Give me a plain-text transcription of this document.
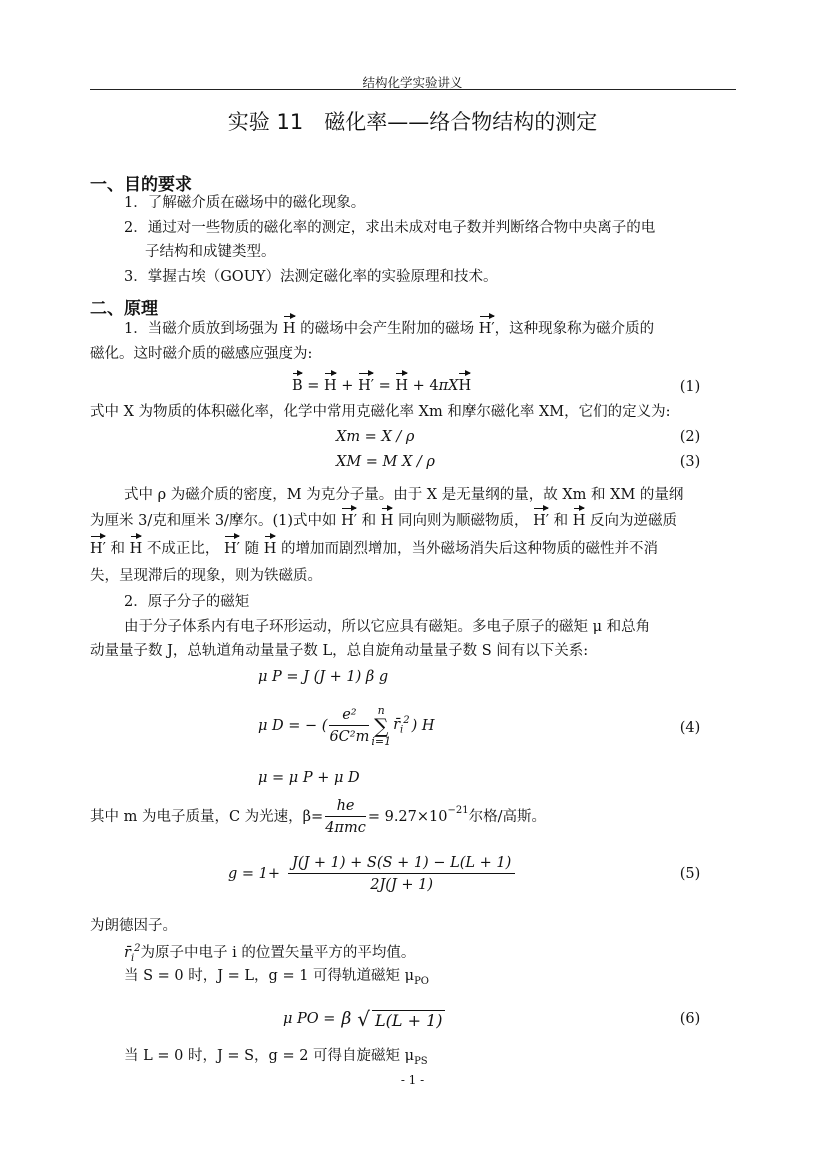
结构化学实验讲义
实验 11　磁化率——络合物结构的测定
一、目的要求
1．了解磁介质在磁场中的磁化现象。
2．通过对一些物质的磁化率的测定，求出未成对电子数并判断络合物中央离子的电
子结构和成键类型。
3．掌握古埃（GOUY）法测定磁化率的实验原理和技术。
二、原理
1．当磁介质放到场强为 H 的磁场中会产生附加的磁场 H′，这种现象称为磁介质的
磁化。这时磁介质的磁感应强度为:
B = H + H′ = H + 4πXH	(1)
式中 X 为物质的体积磁化率，化学中常用克磁化率 Xm 和摩尔磁化率 XM，它们的定义为:
Xm = X / ρ	(2)
XM = M X / ρ	(3)
式中 ρ 为磁介质的密度，M 为克分子量。由于 X 是无量纲的量，故 Xm 和 XM 的量纲
为厘米 3/克和厘米 3/摩尔。(1)式中如 H′ 和 H 同向则为顺磁物质， H′ 和 H 反向为逆磁质
H′ 和 H 不成正比， H′ 随 H 的增加而剧烈增加，当外磁场消失后这种物质的磁性并不消
失，呈现滞后的现象，则为铁磁质。
2．原子分子的磁矩
由于分子体系内有电子环形运动，所以它应具有磁矩。多电子原子的磁矩 μ 和总角
动量量子数 J，总轨道角动量量子数 L，总自旋角动量量子数 S 间有以下关系:
μ P = J (J + 1) β g
μ D = − ( $\frac{\text{e²}}{\text{6C²m}}$ n
∑
i=1
$r̄_i^2$ ) H	(4)
μ = μ P + μ D
其中 m 为电子质量，C 为光速，$\beta= \frac{he}{\text{4πmc}} = 9.27\times 10^{-21}$ 尔格/高斯。
$g = 1+ \frac{J(J + 1) + S(S + 1) - L(L + 1)}{2J(J + 1)}$	(5)
为朗德因子。
$r̄_i^2$为原子中电子 i 的位置矢量平方的平均值。
当 S = 0 时，J = L，g = 1 可得轨道磁矩 $\mu_{PO}$
μ PO = β √ L(L + 1)	(6)
当 L = 0 时，J = S，g = 2 可得自旋磁矩 $\mu_{PS}$
- 1 -
